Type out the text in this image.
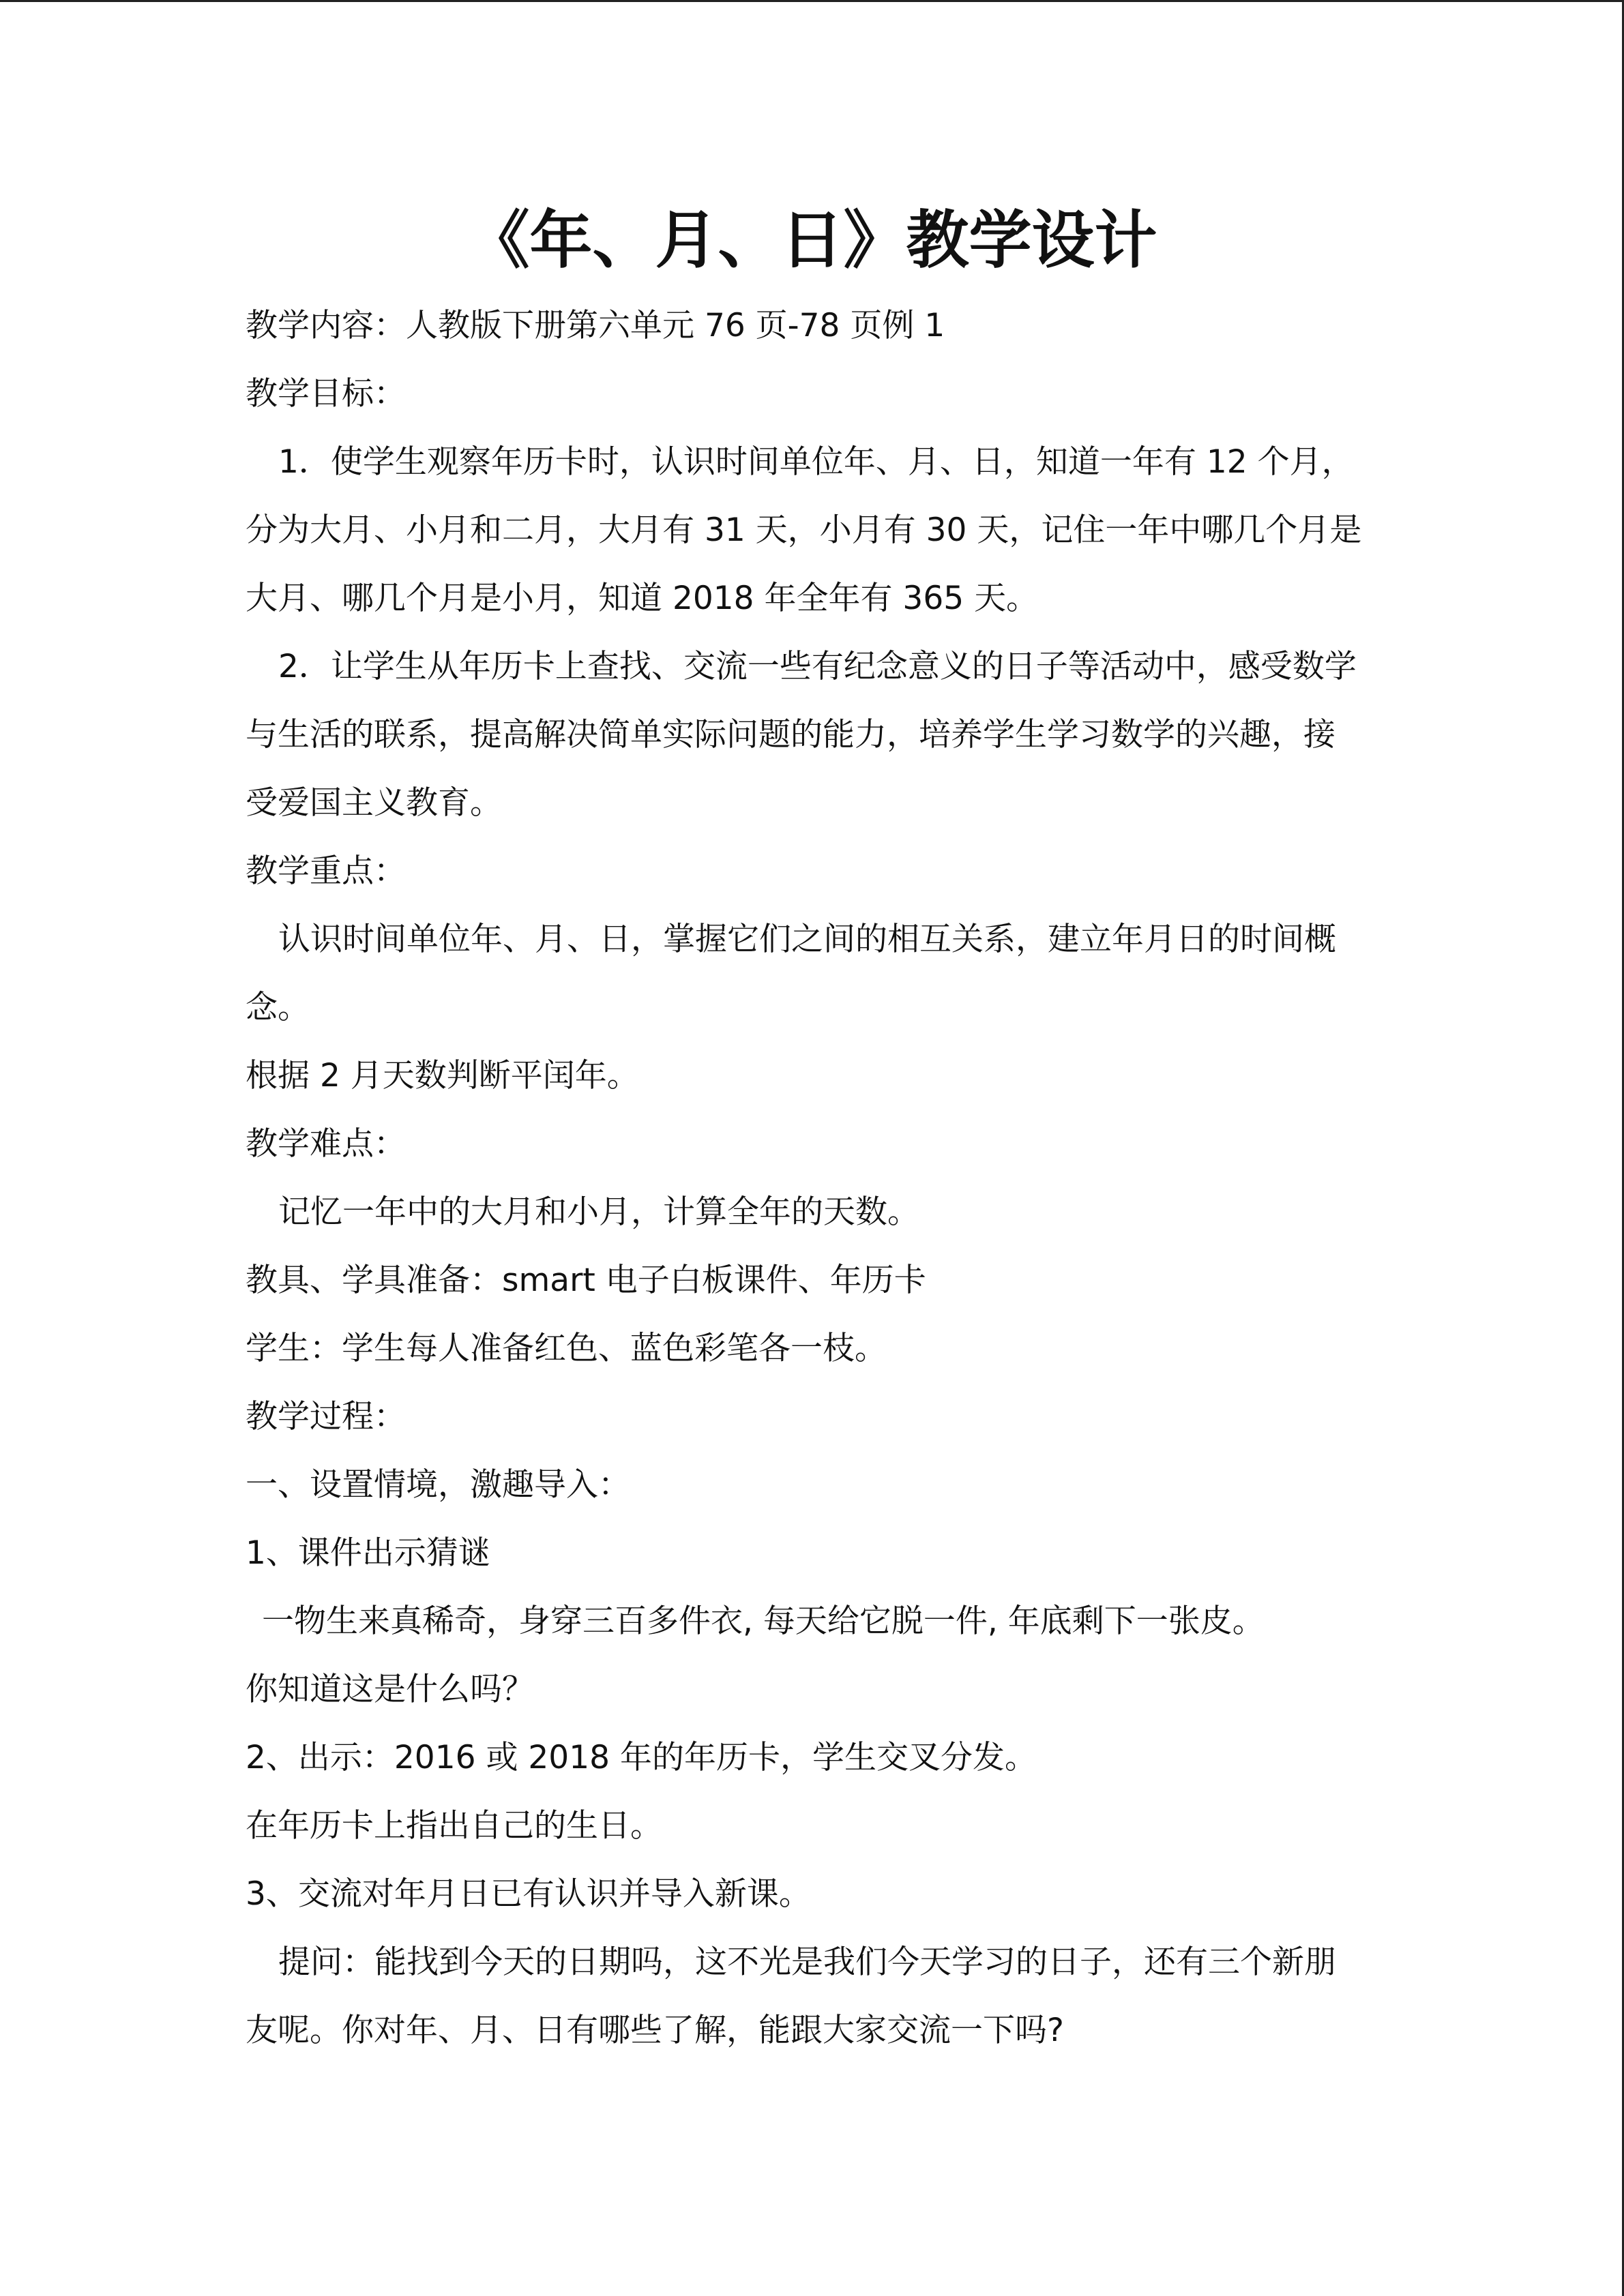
《年、月、日》教学设计
教学内容：人教版下册第六单元 76 页-78 页例 1
教学目标：
1．使学生观察年历卡时，认识时间单位年、月、日，知道一年有 12 个月，
分为大月、小月和二月，大月有 31 天，小月有 30 天，记住一年中哪几个月是
大月、哪几个月是小月，知道 2018 年全年有 365 天。
2．让学生从年历卡上查找、交流一些有纪念意义的日子等活动中，感受数学
与生活的联系，提高解决简单实际问题的能力，培养学生学习数学的兴趣，接
受爱国主义教育。
教学重点：
认识时间单位年、月、日，掌握它们之间的相互关系，建立年月日的时间概
念。
根据 2 月天数判断平闰年。
教学难点：
记忆一年中的大月和小月，计算全年的天数。
教具、学具准备：smart 电子白板课件、年历卡
学生：学生每人准备红色、蓝色彩笔各一枝。
教学过程：
一、设置情境，激趣导入：
1、课件出示猜谜
一物生来真稀奇，身穿三百多件衣, 每天给它脱一件, 年底剩下一张皮。
你知道这是什么吗？
2、出示：2016 或 2018 年的年历卡，学生交叉分发。
在年历卡上指出自己的生日。
3、交流对年月日已有认识并导入新课。
提问：能找到今天的日期吗，这不光是我们今天学习的日子，还有三个新朋
友呢。你对年、月、日有哪些了解，能跟大家交流一下吗?
